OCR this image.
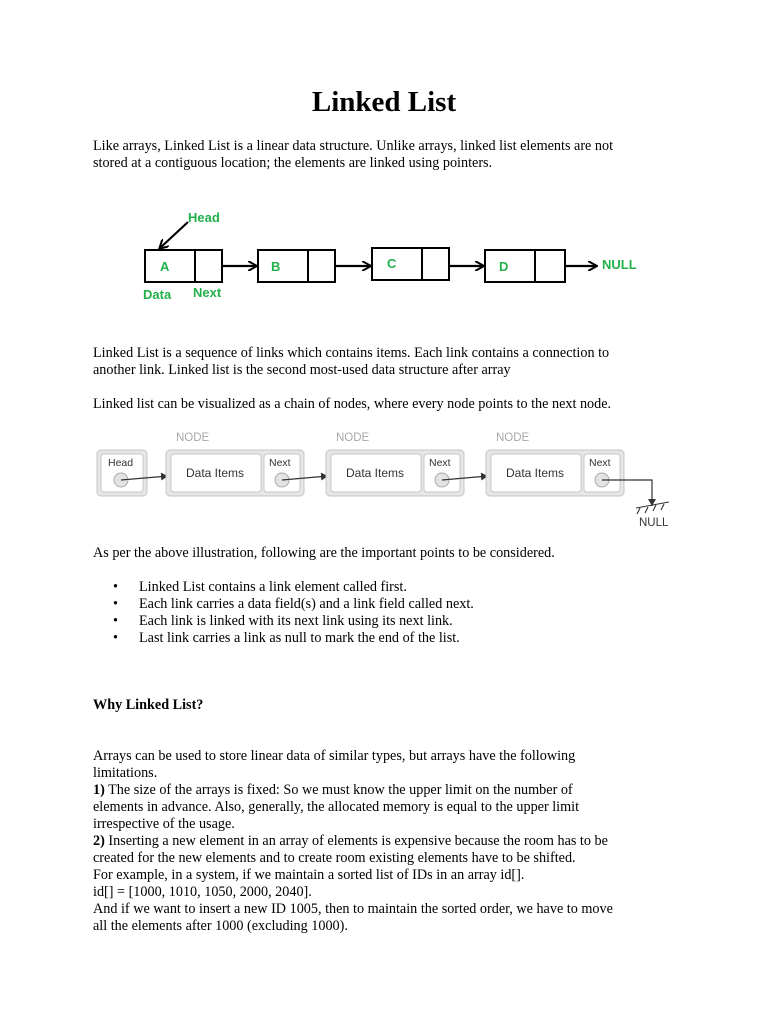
Linked List

Like arrays, Linked List is a linear data structure. Unlike arrays, linked list elements are not
stored at a contiguous location; the elements are linked using pointers.

Head
A	B	C	D	NULL
Data Next

Linked List is a sequence of links which contains items. Each link contains a connection to
another link. Linked list is the second most-used data structure after array

Linked list can be visualized as a chain of nodes, where every node points to the next node.

Head
NODE
Data Items
Next
NODE
Data Items
Next
NODE
Data Items
Next
NULL

As per the above illustration, following are the important points to be considered.

• Linked List contains a link element called first.
• Each link carries a data field(s) and a link field called next.
• Each link is linked with its next link using its next link.
• Last link carries a link as null to mark the end of the list.
Why Linked List?

Arrays can be used to store linear data of similar types, but arrays have the following
limitations.
1) The size of the arrays is fixed: So we must know the upper limit on the number of
elements in advance. Also, generally, the allocated memory is equal to the upper limit
irrespective of the usage.
2) Inserting a new element in an array of elements is expensive because the room has to be
created for the new elements and to create room existing elements have to be shifted.
For example, in a system, if we maintain a sorted list of IDs in an array id[].
id[] = [1000, 1010, 1050, 2000, 2040].
And if we want to insert a new ID 1005, then to maintain the sorted order, we have to move
all the elements after 1000 (excluding 1000).
